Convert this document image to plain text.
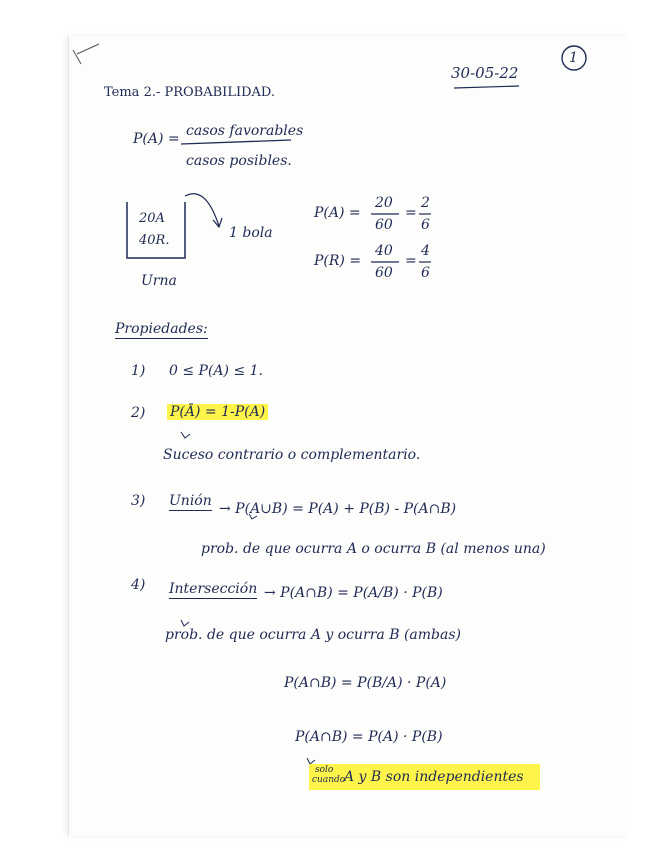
30-05-22
1
Tema 2.- PROBABILIDAD.
P(A) = casos favorables
casos posibles.
20A
40R.
Urna
1 bola
P(A) =
20
60
=
2
6
P(R) =
40
60
=
4
6
Propiedades:
1) 0 ≤ P(A) ≤ 1.
2) P(Ā) = 1-P(A)
Suceso contrario o complementario.
3) Unión → P(A∪B) = P(A) + P(B) - P(A∩B)
prob. de que ocurra A o ocurra B (al menos una)
4) Intersección → P(A∩B) = P(A/B) · P(B)
prob. de que ocurra A y ocurra B (ambas)
P(A∩B) = P(B/A) · P(A)
P(A∩B) = P(A) · P(B)
solo
cuando
A y B son independientes
